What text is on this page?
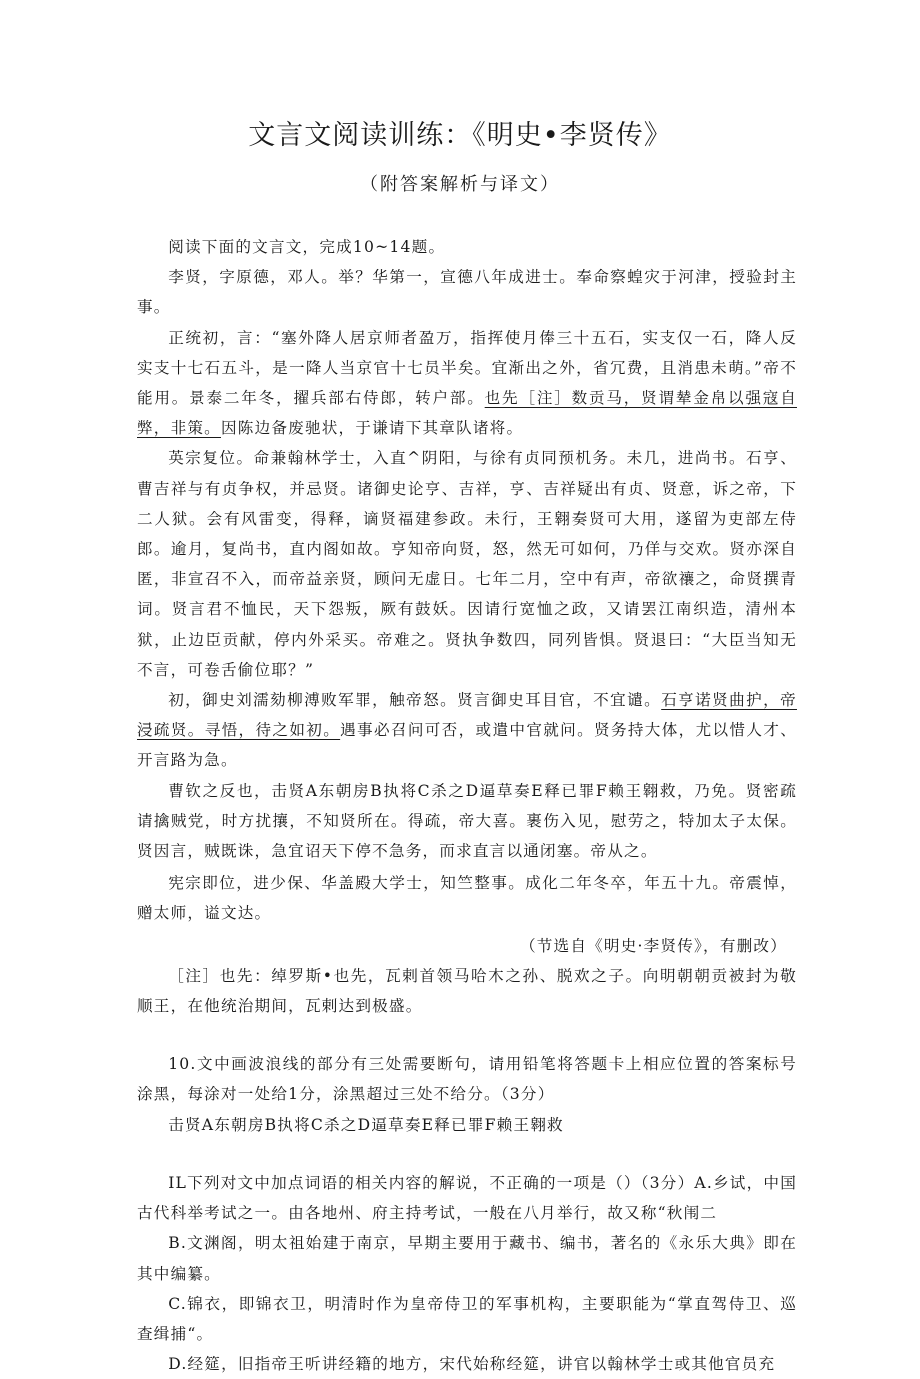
文言文阅读训练：《明史•李贤传》
（附答案解析与译文）

阅读下面的文言文，完成10~14题。

李贤，字原德，邓人。举？华第一，宣德八年成进士。奉命察蝗灾于河津，授验封主事。

正统初，言：“塞外降人居京师者盈万，指挥使月俸三十五石，实支仅一石，降人反实支十七石五斗，是一降人当京官十七员半矣。宜渐出之外，省冗费，且消患未萌。”帝不能用。景泰二年冬，擢兵部右侍郎，转户部。也先［注］数贡马，贤谓辇金帛以强寇自弊，非策。因陈边备废驰状，于谦请下其章队诸将。

英宗复位。命兼翰林学士，入直^阴阳，与徐有贞同预机务。未几，进尚书。石亨、曹吉祥与有贞争权，并忌贤。诸御史论亨、吉祥，亨、吉祥疑出有贞、贤意，诉之帝，下二人狱。会有风雷变，得释，谪贤福建参政。未行，王翱奏贤可大用，遂留为吏部左侍郎。逾月，复尚书，直内阁如故。亨知帝向贤，怒，然无可如何，乃佯与交欢。贤亦深自匿，非宣召不入，而帝益亲贤，顾问无虚日。七年二月，空中有声，帝欲禳之，命贤撰青词。贤言君不恤民，天下怨叛，厥有鼓妖。因请行宽恤之政，又请罢江南织造，清州本狱，止边臣贡献，停内外采买。帝难之。贤执争数四，同列皆惧。贤退曰：“大臣当知无不言，可卷舌偷位耶？”

初，御史刘濡劾柳溥败军罪，触帝怒。贤言御史耳目官，不宜谴。石亨诺贤曲护，帝浸疏贤。寻悟，待之如初。遇事必召问可否，或遣中官就问。贤务持大体，尤以惜人才、开言路为急。

曹钦之反也，击贤A东朝房B执将C杀之D逼草奏E释已罪F赖王翱救，乃免。贤密疏请擒贼党，时方扰攘，不知贤所在。得疏，帝大喜。裹伤入见，慰劳之，特加太子太保。贤因言，贼既诛，急宜诏天下停不急务，而求直言以通闭塞。帝从之。

宪宗即位，进少保、华盖殿大学士，知竺整事。成化二年冬卒，年五十九。帝震悼，赠太师，谥文达。

（节选自《明史·李贤传》，有删改）

［注］也先：绰罗斯•也先，瓦剌首领马哈木之孙、脱欢之子。向明朝朝贡被封为敬顺王，在他统治期间，瓦剌达到极盛。

10.文中画波浪线的部分有三处需要断句，请用铅笔将答题卡上相应位置的答案标号涂黑，每涂对一处给1分，涂黑超过三处不给分。（3分）

击贤A东朝房B执将C杀之D逼草奏E释已罪F赖王翱救

IL下列对文中加点词语的相关内容的解说，不正确的一项是（）（3分）A.乡试，中国古代科举考试之一。由各地州、府主持考试，一般在八月举行，故又称“秋闱二

B.文渊阁，明太祖始建于南京，早期主要用于藏书、编书，著名的《永乐大典》即在其中编纂。

C.锦衣，即锦衣卫，明清时作为皇帝侍卫的军事机构，主要职能为“掌直驾侍卫、巡查缉捕“。

D.经筵，旧指帝王听讲经籍的地方，宋代始称经筵，讲官以翰林学士或其他官员充
